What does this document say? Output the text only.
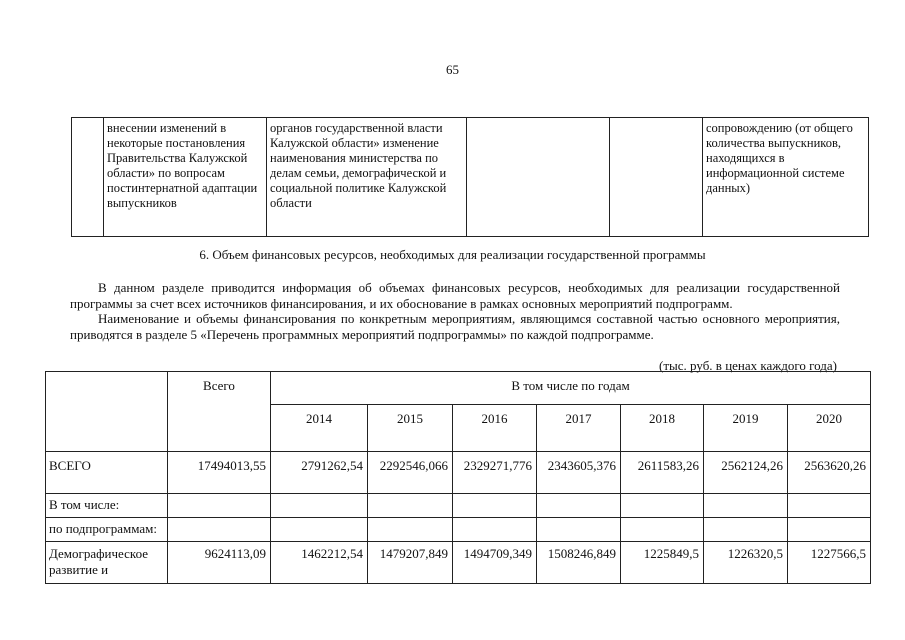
65
	внесении изменений в некоторые постановления Правительства Калужской области» по вопросам постинтернатной адаптации выпускников	органов государственной власти Калужской области» изменение наименования министерства по делам семьи, демографической и социальной политике Калужской области			сопровождению (от общего количества выпускников, находящихся в информационной системе данных)
6. Объем финансовых ресурсов, необходимых для реализации государственной программы

В данном разделе приводится информация об объемах финансовых ресурсов, необходимых для реализации государственной программы за счет всех источников финансирования, и их обоснование в рамках основных мероприятий подпрограмм.

Наименование и объемы финансирования по конкретным мероприятиям, являющимся составной частью основного мероприятия, приводятся в разделе 5 «Перечень программных мероприятий подпрограммы» по каждой подпрограмме.

(тыс. руб. в ценах каждого года)
	Всего	В том числе по годам						
		2014	2015	2016	2017	2018	2019	2020
ВСЕГО	17494013,55	2791262,54	2292546,066	2329271,776	2343605,376	2611583,26	2562124,26	2563620,26
В том числе:								
по подпрограммам:								
Демографическое развитие и	9624113,09	1462212,54	1479207,849	1494709,349	1508246,849	1225849,5	1226320,5	1227566,5
